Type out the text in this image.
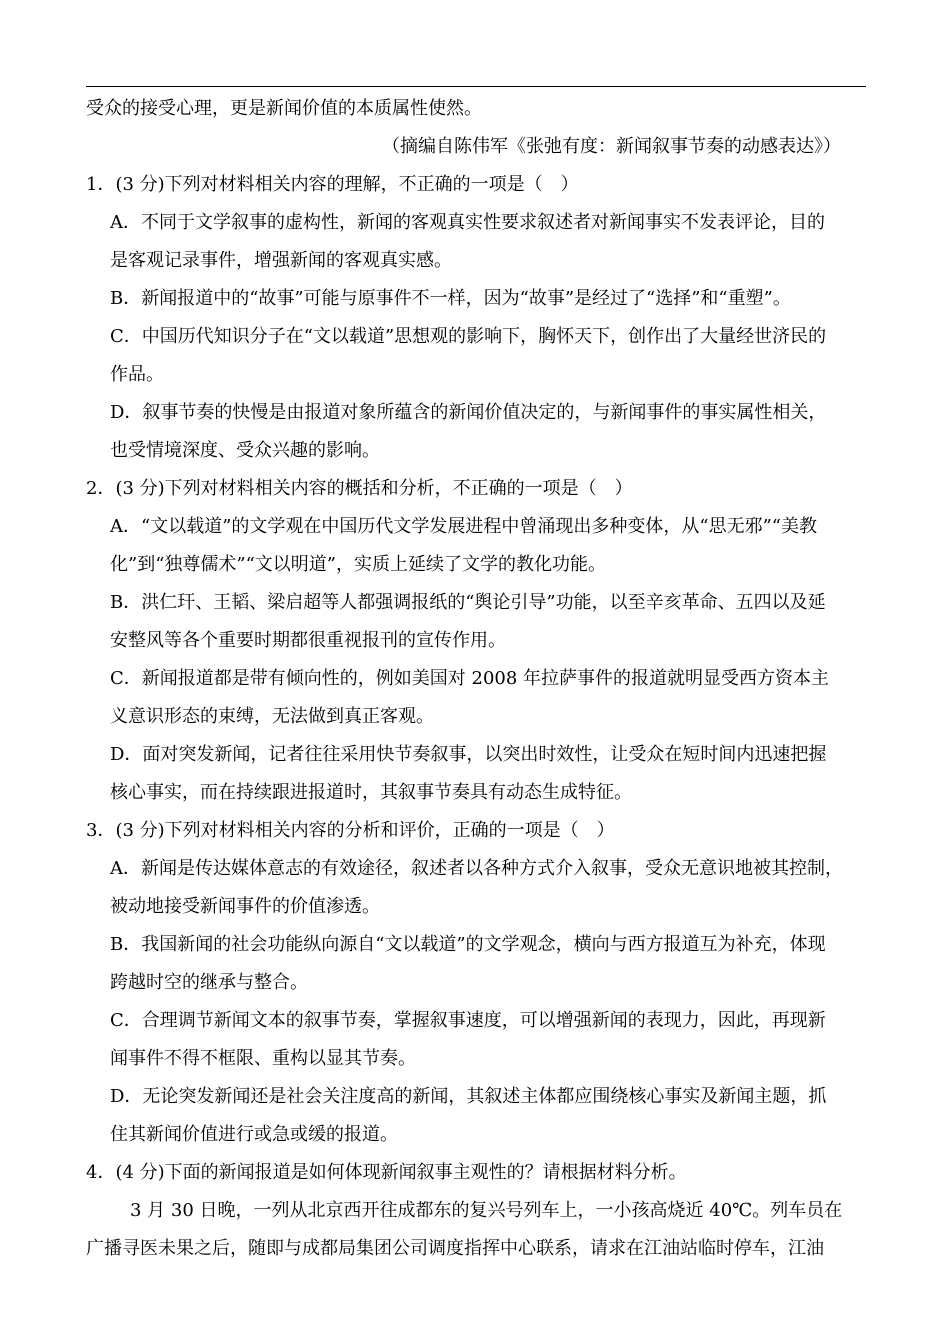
受众的接受心理，更是新闻价值的本质属性使然。
（摘编自陈伟军《张弛有度：新闻叙事节奏的动感表达》）
1．(3 分)下列对材料相关内容的理解，不正确的一项是（　）
A．不同于文学叙事的虚构性，新闻的客观真实性要求叙述者对新闻事实不发表评论，目的
是客观记录事件，增强新闻的客观真实感。
B．新闻报道中的“故事”可能与原事件不一样，因为“故事”是经过了“选择”和“重塑”。
C．中国历代知识分子在“文以载道”思想观的影响下，胸怀天下，创作出了大量经世济民的
作品。
D．叙事节奏的快慢是由报道对象所蕴含的新闻价值决定的，与新闻事件的事实属性相关，
也受情境深度、受众兴趣的影响。
2．(3 分)下列对材料相关内容的概括和分析，不正确的一项是（　）
A．“文以载道”的文学观在中国历代文学发展进程中曾涌现出多种变体，从“思无邪”“美教
化”到“独尊儒术”“文以明道”，实质上延续了文学的教化功能。
B．洪仁玕、王韬、梁启超等人都强调报纸的“舆论引导”功能，以至辛亥革命、五四以及延
安整风等各个重要时期都很重视报刊的宣传作用。
C．新闻报道都是带有倾向性的，例如美国对 2008 年拉萨事件的报道就明显受西方资本主
义意识形态的束缚，无法做到真正客观。
D．面对突发新闻，记者往往采用快节奏叙事，以突出时效性，让受众在短时间内迅速把握
核心事实，而在持续跟进报道时，其叙事节奏具有动态生成特征。
3．(3 分)下列对材料相关内容的分析和评价，正确的一项是（　）
A．新闻是传达媒体意志的有效途径，叙述者以各种方式介入叙事，受众无意识地被其控制，
被动地接受新闻事件的价值渗透。
B．我国新闻的社会功能纵向源自“文以载道”的文学观念，横向与西方报道互为补充，体现
跨越时空的继承与整合。
C．合理调节新闻文本的叙事节奏，掌握叙事速度，可以增强新闻的表现力，因此，再现新
闻事件不得不框限、重构以显其节奏。
D．无论突发新闻还是社会关注度高的新闻，其叙述主体都应围绕核心事实及新闻主题，抓
住其新闻价值进行或急或缓的报道。
4．(4 分)下面的新闻报道是如何体现新闻叙事主观性的？请根据材料分析。
3 月 30 日晚，一列从北京西开往成都东的复兴号列车上，一小孩高烧近 40℃。列车员在
广播寻医未果之后，随即与成都局集团公司调度指挥中心联系，请求在江油站临时停车，江油
